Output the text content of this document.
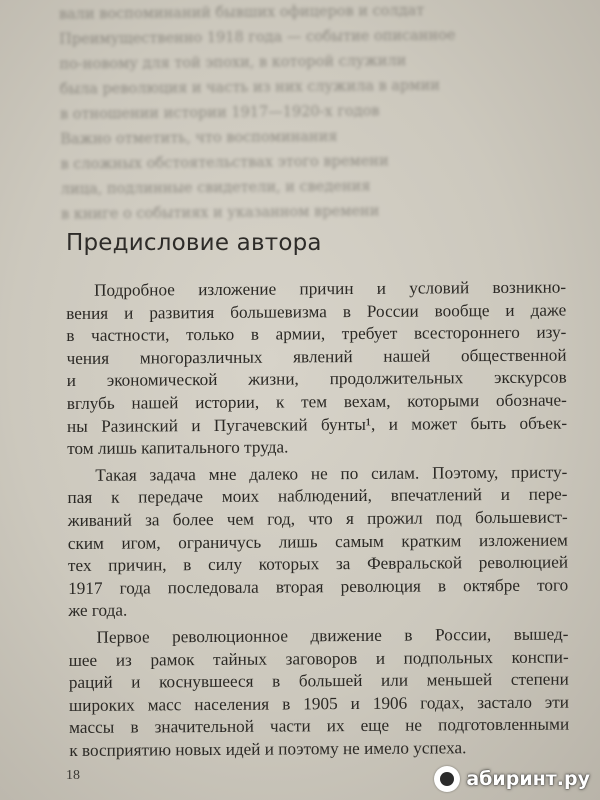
вали воспоминаний бывших офицеров и солдат

Преимущественно 1918 года — событие описанное

по-новому для той эпохи, в которой служили

была революция и часть из них служила в армии

в отношении истории 1917—1920-х годов

Важно отметить, что воспоминания

в сложных обстоятельствах этого времени

лица, подлинные свидетели, и сведения

в книге о событиях и указанном времени

Предисловие автора
Подробное изложение причин и условий возникно-
вения и развития большевизма в России вообще и даже
в частности, только в армии, требует всестороннего изу-
чения многоразличных явлений нашей общественной
и экономической жизни, продолжительных экскурсов
вглубь нашей истории, к тем вехам, которыми обозначе-
ны Разинский и Пугачевский бунты¹, и может быть объек-
том лишь капитального труда.
Такая задача мне далеко не по силам. Поэтому, присту-
пая к передаче моих наблюдений, впечатлений и пере-
живаний за более чем год, что я прожил под большевист-
ским игом, ограничусь лишь самым кратким изложением
тех причин, в силу которых за Февральской революцией
1917 года последовала вторая революция в октябре того
же года.
Первое революционное движение в России, вышед-
шее из рамок тайных заговоров и подпольных конспи-
раций и коснувшееся в большей или меньшей степени
широких масс населения в 1905 и 1906 годах, застало эти
массы в значительной части их еще не подготовленными
к восприятию новых идей и поэтому не имело успеха.
18	абиринт.ру
